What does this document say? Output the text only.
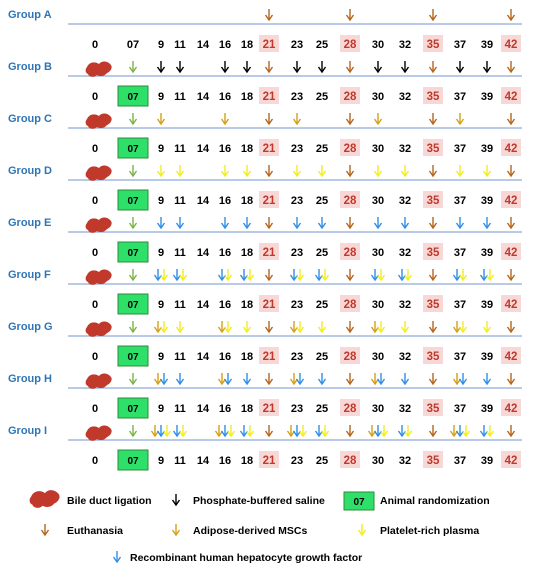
Group A
0	07 9 11 14 16 18 21 23 25 28 30 32 35 37 39 42
Group B
0	07 9 11 14 16 18 21 23 25 28 30 32 35 37 39 42
Group C
0	07 9 11 14 16 18 21 23 25 28 30 32 35 37 39 42
Group D
0	07 9 11 14 16 18 21 23 25 28 30 32 35 37 39 42
Group E
0	07 9 11 14 16 18 21 23 25 28 30 32 35 37 39 42
Group F
0	07 9 11 14 16 18 21 23 25 28 30 32 35 37 39 42
Group G
0	07 9 11 14 16 18 21 23 25 28 30 32 35 37 39 42
Group H
0	07 9 11 14 16 18 21 23 25 28 30 32 35 37 39 42
Group I
0	07 9 11 14 16 18 21 23 25 28 30 32 35 37 39 42
Bile duct ligation	Phosphate-buffered saline	07 Animal randomization
Euthanasia	Adipose-derived MSCs	Platelet-rich plasma
Recombinant human hepatocyte growth factor
